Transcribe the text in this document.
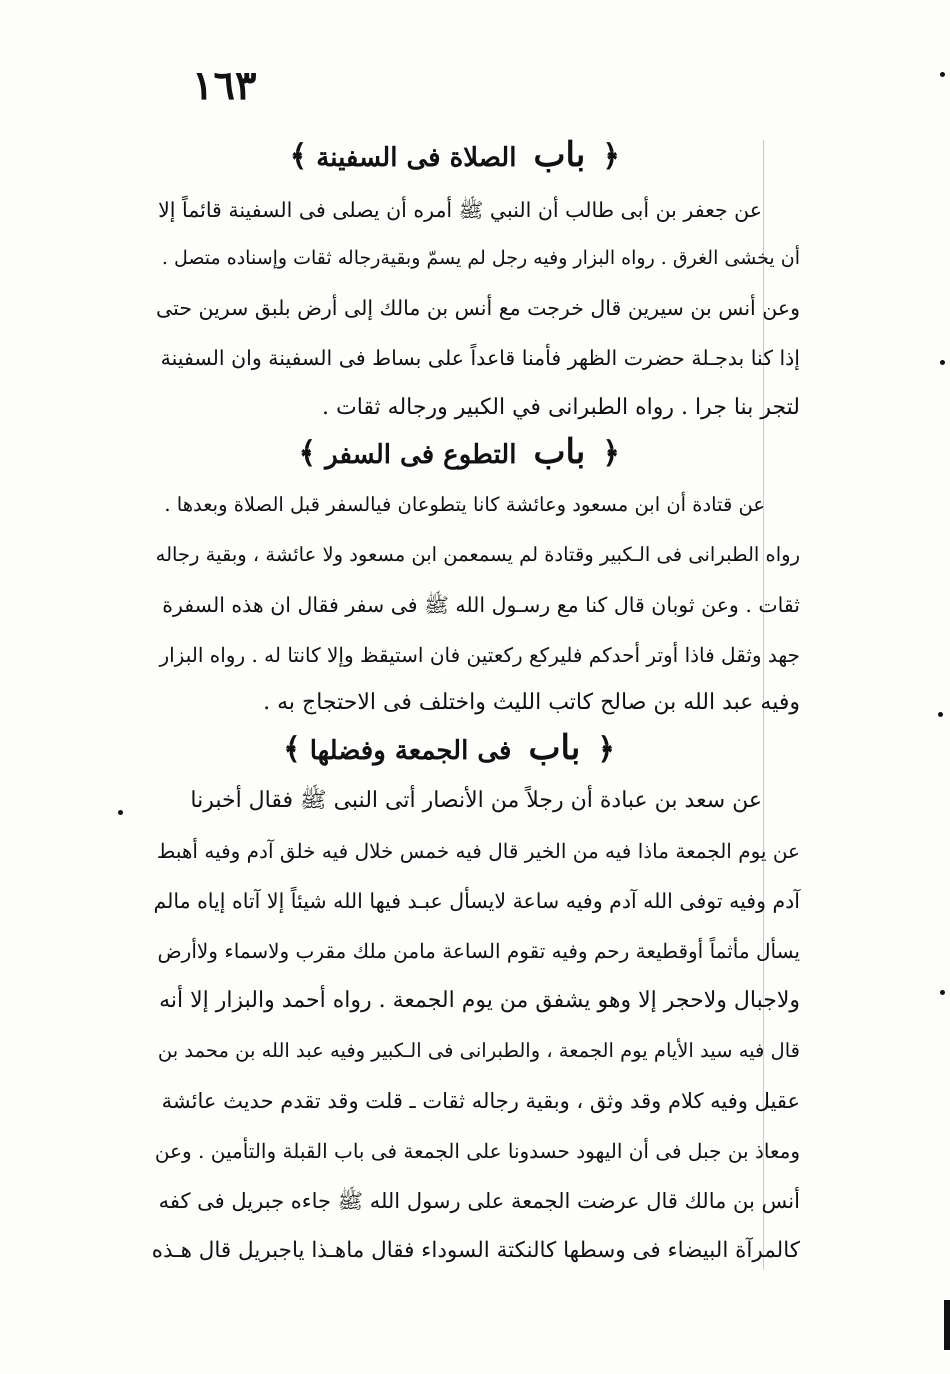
١٦٣
﴿ باب الصلاة فى السفينة ﴾
عن جعفر بن أبى طالب أن النبي ﷺ أمره أن يصلى فى السفينة قائماً إلا
أن يخشى الغرق . رواه البزار وفيه رجل لم يسمّ وبقيةرجاله ثقات وإسناده متصل .
وعن أنس بن سيرين قال خرجت مع أنس بن مالك إلى أرض بلبق سرين حتى
إذا كنا بدجـلة حضرت الظهر فأمنا قاعداً على بساط فى السفينة وان السفينة
لتجر بنا جرا . رواه الطبرانى في الكبير ورجاله ثقات .
﴿ باب التطوع فى السفر ﴾
عن قتادة أن ابن مسعود وعائشة كانا يتطوعان فيالسفر قبل الصلاة وبعدها .
رواه الطبرانى فى الـكبير وقتادة لم يسمعمن ابن مسعود ولا عائشة ، وبقية رجاله
ثقات . وعن ثوبان قال كنا مع رسـول الله ﷺ فى سفر فقال ان هذه السفرة
جهد وثقل فاذا أوتر أحدكم فليركع ركعتين فان استيقظ وإلا كانتا له . رواه البزار
وفيه عبد الله بن صالح كاتب الليث واختلف فى الاحتجاج به .
﴿ باب فى الجمعة وفضلها ﴾
عن سعد بن عبادة أن رجلاً من الأنصار أتى النبى ﷺ فقال أخبرنا
عن يوم الجمعة ماذا فيه من الخير قال فيه خمس خلال فيه خلق آدم وفيه أهبط
آدم وفيه توفى الله آدم وفيه ساعة لايسأل عبـد فيها الله شيئاً إلا آتاه إياه مالم
يسأل مأثماً أوقطيعة رحم وفيه تقوم الساعة مامن ملك مقرب ولاسماء ولاأرض
ولاجبال ولاحجر إلا وهو يشفق من يوم الجمعة . رواه أحمد والبزار إلا أنه
قال فيه سيد الأيام يوم الجمعة ، والطبرانى فى الـكبير وفيه عبد الله بن محمد بن
عقيل وفيه كلام وقد وثق ، وبقية رجاله ثقات ـ قلت وقد تقدم حديث عائشة
ومعاذ بن جبل فى أن اليهود حسدونا على الجمعة فى باب القبلة والتأمين . وعن
أنس بن مالك قال عرضت الجمعة على رسول الله ﷺ جاءه جبريل فى كفه
كالمرآة البيضاء فى وسطها كالنكتة السوداء فقال ماهـذا ياجبريل قال هـذه
